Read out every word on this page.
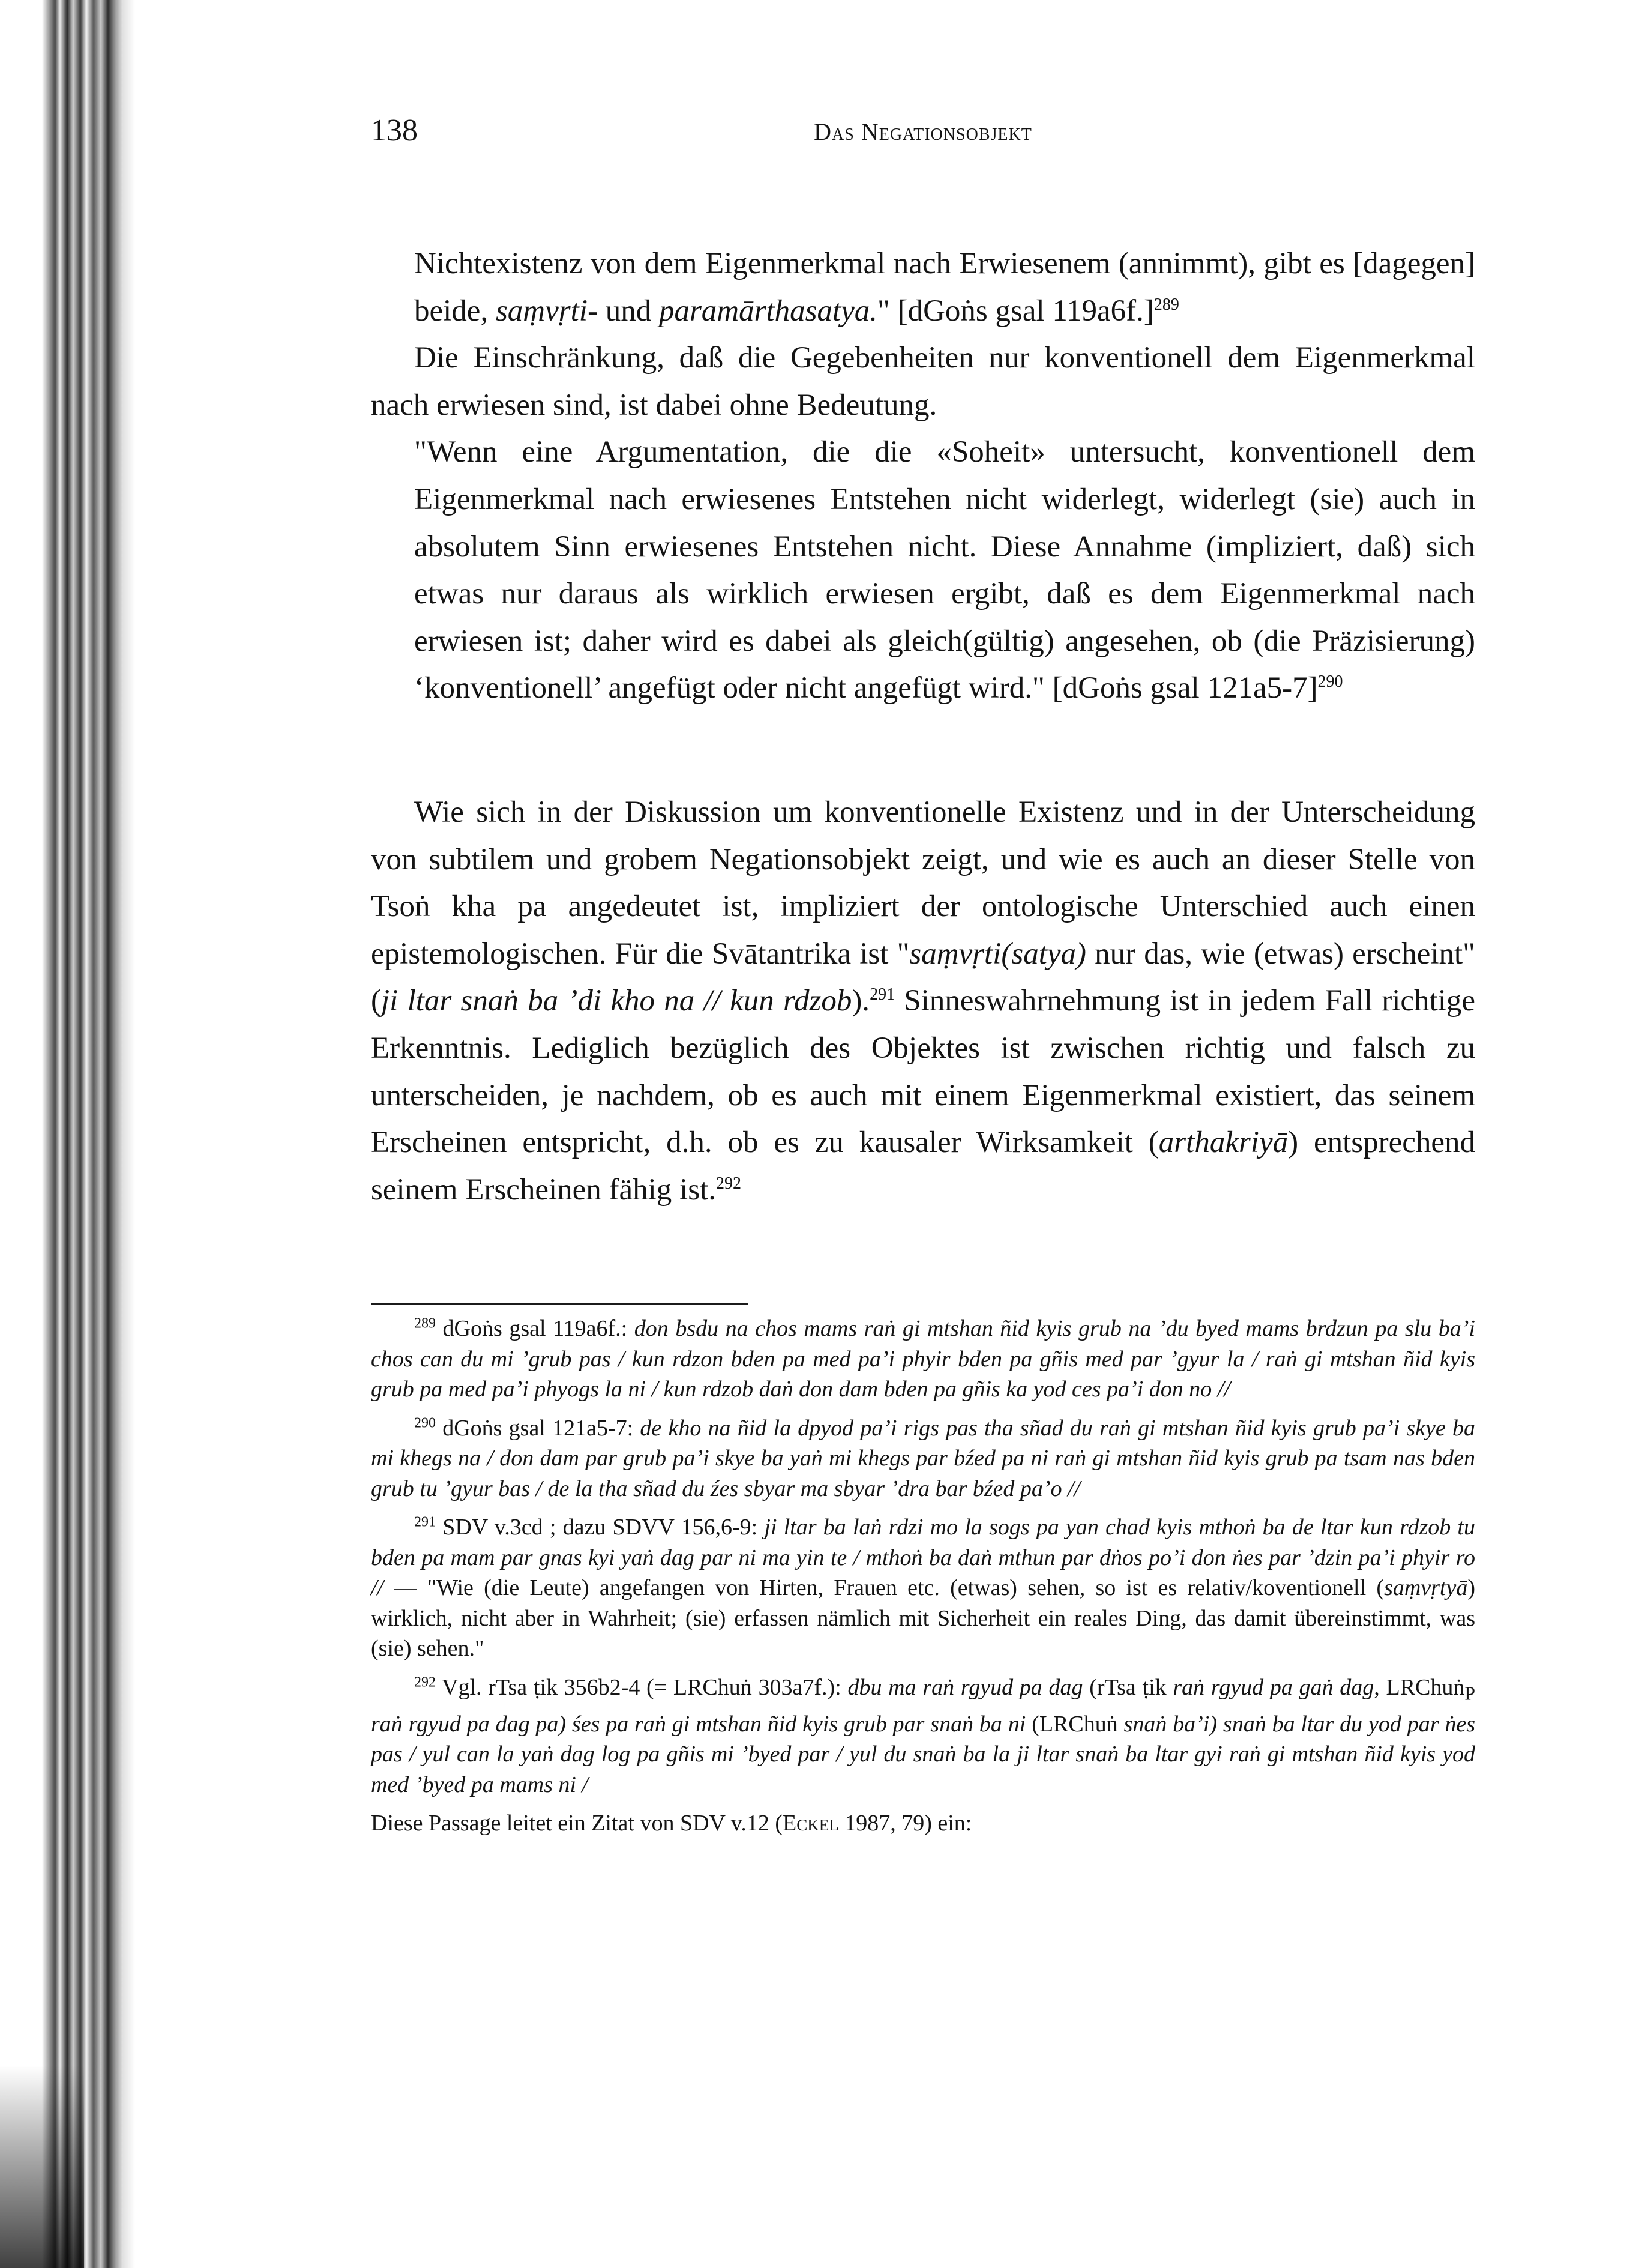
138	Das Negationsobjekt

Nichtexistenz von dem Eigenmerkmal nach Erwiesenem (annimmt), gibt es [dagegen] beide, saṃvṛti- und paramārthasatya." [dGoṅs gsal 119a6f.]$^{289}$

Die Einschränkung, daß die Gegebenheiten nur konventionell dem Eigenmerkmal nach erwiesen sind, ist dabei ohne Bedeutung.

"Wenn eine Argumentation, die die «Soheit» untersucht, konventionell dem Eigenmerkmal nach erwiesenes Entstehen nicht widerlegt, widerlegt (sie) auch in absolutem Sinn erwiesenes Entstehen nicht. Diese Annahme (impliziert, daß) sich etwas nur daraus als wirklich erwiesen ergibt, daß es dem Eigenmerkmal nach erwiesen ist; daher wird es dabei als gleich(gültig) angesehen, ob (die Präzisierung) ‘konventionell’ angefügt oder nicht angefügt wird." [dGoṅs gsal 121a5-7]$^{290}$

Wie sich in der Diskussion um konventionelle Existenz und in der Unterscheidung von subtilem und grobem Negationsobjekt zeigt, und wie es auch an dieser Stelle von Tsoṅ kha pa angedeutet ist, impliziert der ontologische Unterschied auch einen epistemologischen. Für die Svātantrika ist "saṃvṛti(satya) nur das, wie (etwas) erscheint" (ji ltar snaṅ ba ’di kho na // kun rdzob).$^{291}$ Sinneswahrnehmung ist in jedem Fall richtige Erkenntnis. Lediglich bezüglich des Objektes ist zwischen richtig und falsch zu unterscheiden, je nachdem, ob es auch mit einem Eigenmerkmal existiert, das seinem Erscheinen entspricht, d.h. ob es zu kausaler Wirksamkeit (arthakriyā) entsprechend seinem Erscheinen fähig ist.$^{292}$

$^{289}$ dGoṅs gsal 119a6f.: don bsdu na chos mams raṅ gi mtshan ñid kyis grub na ’du byed mams brdzun pa slu ba’i chos can du mi ’grub pas / kun rdzon bden pa med pa’i phyir bden pa gñis med par ’gyur la / raṅ gi mtshan ñid kyis grub pa med pa’i phyogs la ni / kun rdzob daṅ don dam bden pa gñis ka yod ces pa’i don no //

$^{290}$ dGoṅs gsal 121a5-7: de kho na ñid la dpyod pa’i rigs pas tha sñad du raṅ gi mtshan ñid kyis grub pa’i skye ba mi khegs na / don dam par grub pa’i skye ba yaṅ mi khegs par bźed pa ni raṅ gi mtshan ñid kyis grub pa tsam nas bden grub tu ’gyur bas / de la tha sñad du źes sbyar ma sbyar ’dra bar bźed pa’o //

$^{291}$ SDV v.3cd ; dazu SDVV 156,6-9: ji ltar ba laṅ rdzi mo la sogs pa yan chad kyis mthoṅ ba de ltar kun rdzob tu bden pa mam par gnas kyi yaṅ dag par ni ma yin te / mthoṅ ba daṅ mthun par dṅos po’i don ṅes par ’dzin pa’i phyir ro // — "Wie (die Leute) angefangen von Hirten, Frauen etc. (etwas) sehen, so ist es relativ/koventionell (saṃvṛtyā) wirklich, nicht aber in Wahrheit; (sie) erfassen nämlich mit Sicherheit ein reales Ding, das damit übereinstimmt, was (sie) sehen."

$^{292}$ Vgl. rTsa ṭik 356b2-4 (= LRChuṅ 303a7f.): dbu ma raṅ rgyud pa dag (rTsa ṭik raṅ rgyud pa gaṅ dag, LRChuṅ$_P$ raṅ rgyud pa dag pa) śes pa raṅ gi mtshan ñid kyis grub par snaṅ ba ni (LRChuṅ snaṅ ba’i) snaṅ ba ltar du yod par ṅes pas / yul can la yaṅ dag log pa gñis mi ’byed par / yul du snaṅ ba la ji ltar snaṅ ba ltar gyi raṅ gi mtshan ñid kyis yod med ’byed pa mams ni /

Diese Passage leitet ein Zitat von SDV v.12 (Eckel 1987, 79) ein:
